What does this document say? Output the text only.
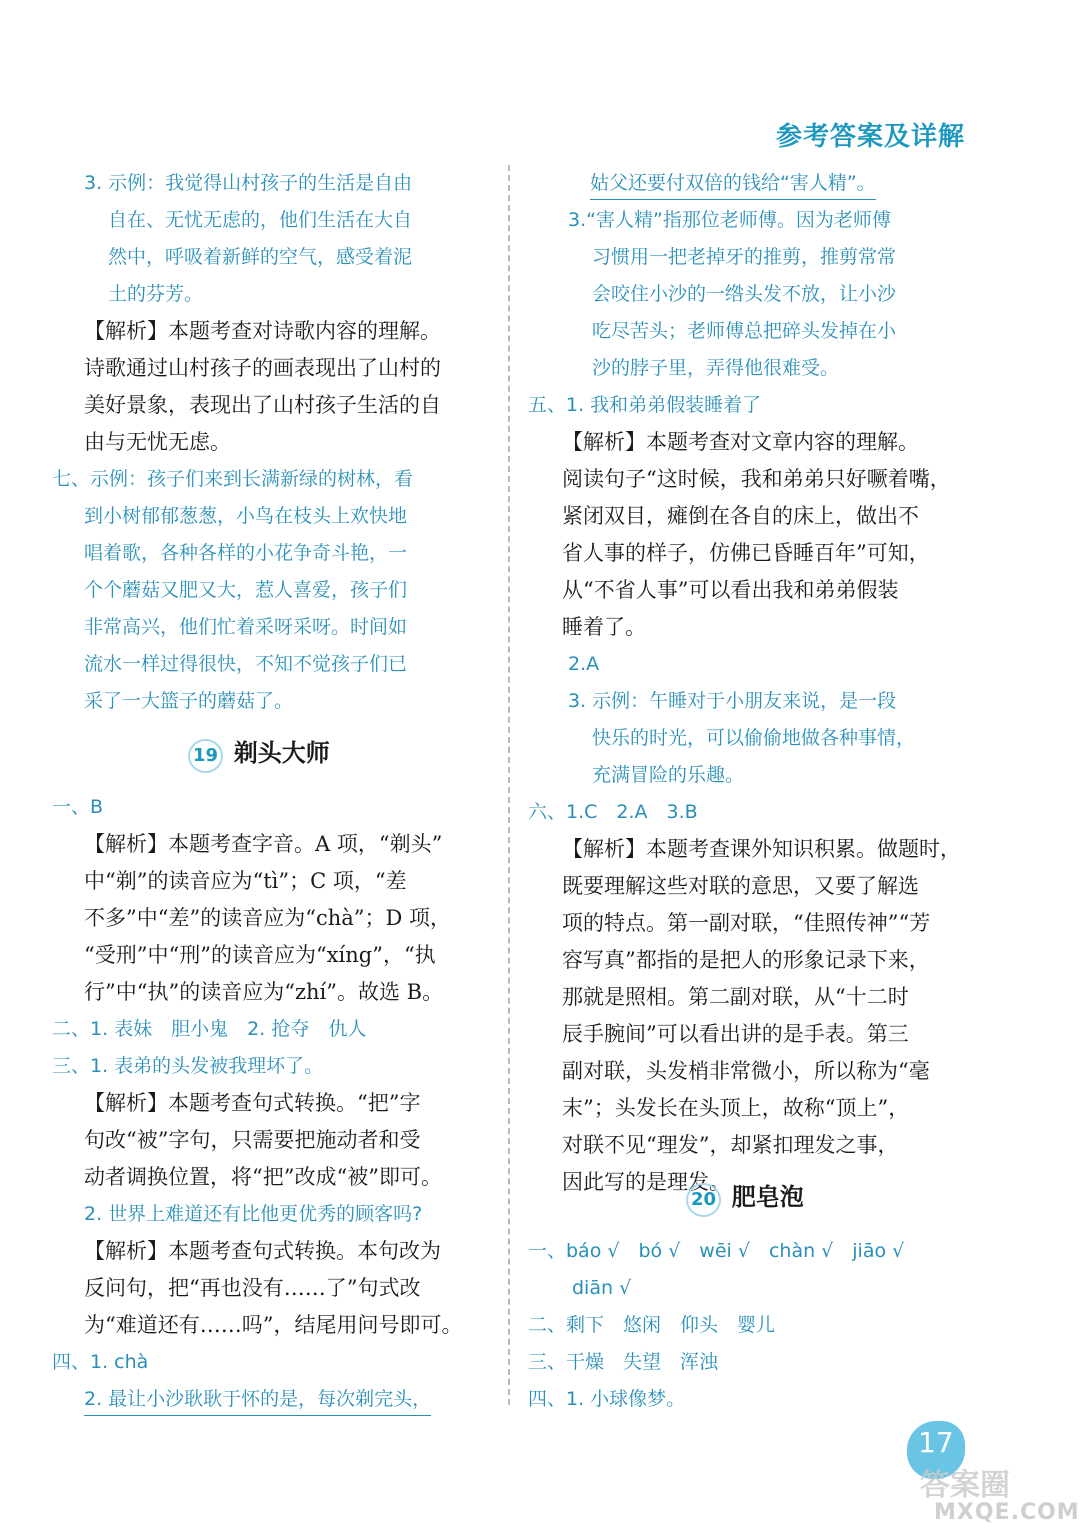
参考答案及详解
3. 示例：我觉得山村孩子的生活是自由
自在、无忧无虑的，他们生活在大自
然中，呼吸着新鲜的空气，感受着泥
土的芬芳。
【解析】本题考查对诗歌内容的理解。
诗歌通过山村孩子的画表现出了山村的
美好景象，表现出了山村孩子生活的自
由与无忧无虑。
七、示例：孩子们来到长满新绿的树林，看
到小树郁郁葱葱，小鸟在枝头上欢快地
唱着歌，各种各样的小花争奇斗艳，一
个个蘑菇又肥又大，惹人喜爱，孩子们
非常高兴，他们忙着采呀采呀。时间如
流水一样过得很快，不知不觉孩子们已
采了一大篮子的蘑菇了。
19 剃头大师
一、B
【解析】本题考查字音。A 项，“剃头”
中“剃”的读音应为“tì”；C 项，“差
不多”中“差”的读音应为“chà”；D 项，
“受刑”中“刑”的读音应为“xíng”，“执
行”中“执”的读音应为“zhí”。故选 B。
二、1. 表妹　胆小鬼　2. 抢夺　仇人
三、1. 表弟的头发被我理坏了。
【解析】本题考查句式转换。“把”字
句改“被”字句，只需要把施动者和受
动者调换位置，将“把”改成“被”即可。
2. 世界上难道还有比他更优秀的顾客吗?
【解析】本题考查句式转换。本句改为
反问句，把“再也没有……了”句式改
为“难道还有……吗”，结尾用问号即可。
四、1. chà
2. 最让小沙耿耿于怀的是，每次剃完头，
姑父还要付双倍的钱给“害人精”。
3.“害人精”指那位老师傅。因为老师傅
习惯用一把老掉牙的推剪，推剪常常
会咬住小沙的一绺头发不放，让小沙
吃尽苦头；老师傅总把碎头发掉在小
沙的脖子里，弄得他很难受。
五、1. 我和弟弟假装睡着了
【解析】本题考查对文章内容的理解。
阅读句子“这时候，我和弟弟只好噘着嘴，
紧闭双目，瘫倒在各自的床上，做出不
省人事的样子，仿佛已昏睡百年”可知，
从“不省人事”可以看出我和弟弟假装
睡着了。
2.A
3. 示例：午睡对于小朋友来说，是一段
快乐的时光，可以偷偷地做各种事情，
充满冒险的乐趣。
六、1.C　2.A　3.B
【解析】本题考查课外知识积累。做题时，
既要理解这些对联的意思，又要了解选
项的特点。第一副对联，“佳照传神”“芳
容写真”都指的是把人的形象记录下来，
那就是照相。第二副对联，从“十二时
辰手腕间”可以看出讲的是手表。第三
副对联，头发梢非常微小，所以称为“毫
末”；头发长在头顶上，故称“顶上”，
对联不见“理发”，却紧扣理发之事，
因此写的是理发。
20 肥皂泡
一、báo √　bó √　wēi √　chàn √　jiāo √
diān √
二、剩下　悠闲　仰头　婴儿
三、干燥　失望　浑浊
四、1. 小球像梦。
17
答案圈
MXQE.COM
